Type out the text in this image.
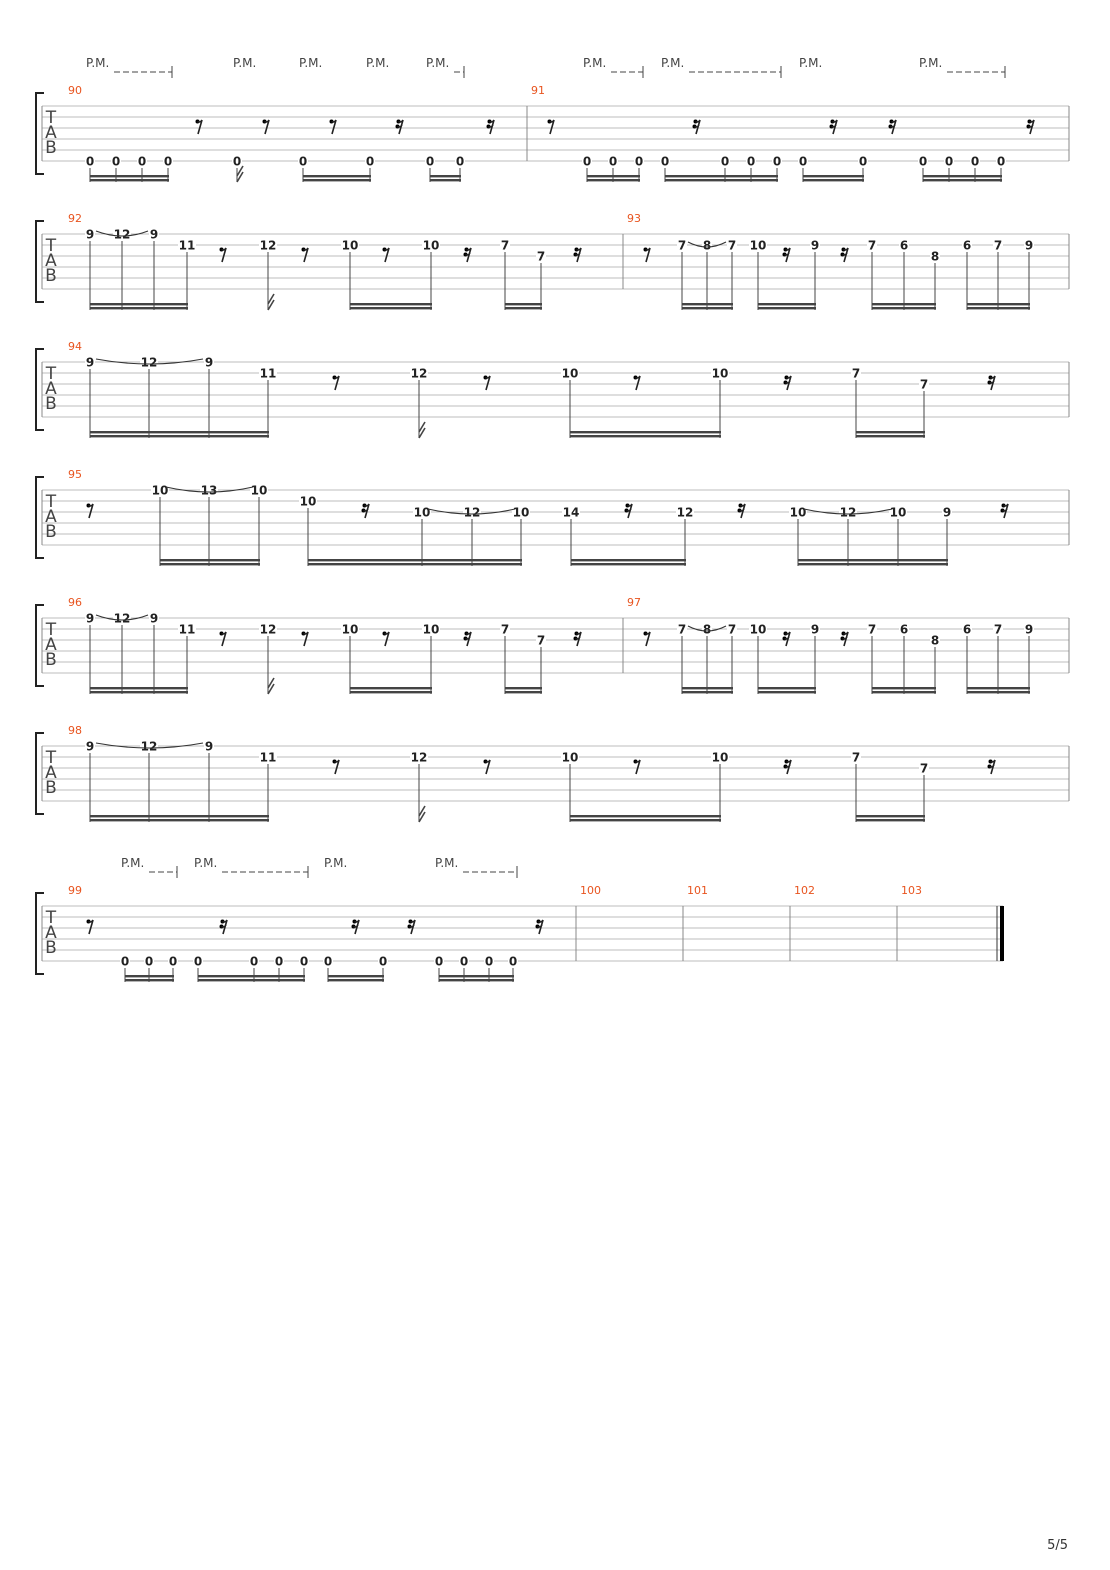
T
A
B
90
0 0 0 0	0	0	0	0 0
91
0 0 0 0	0 0 0 0	0	0 0 0 0
P.M.	P.M.	P.M.	P.M.	P.M.	P.M.	P.M.	P.M.	P.M.
T
A
B
92
9 12 9
11	12	10	10	7
7
93
7 8 7 10	9	7 6
8
6 7 9
T
A
B
94
9	12	9
11	12	10	10	7
7
T
A
B
95
10	13	10
10
10	12	10	14	12	10	12	10	9
T
A
B
96
9 12 9
11	12	10	10	7
7
97
7 8 7 10	9	7 6
8
6 7 9
T
A
B
98
9	12	9
11	12	10	10	7
7
T
A
B
99
0 0 0 0	0 0 0 0	0	0 0 0 0
100	101	102	103
P.M.	P.M.	P.M.	P.M.
5/5
